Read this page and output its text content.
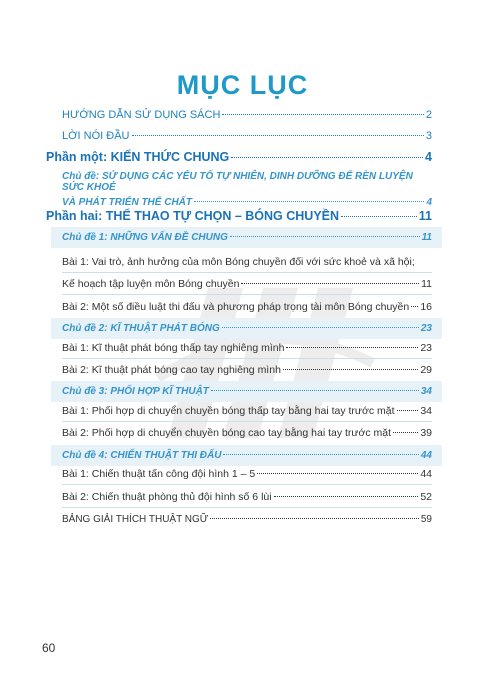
MỤC LỤC
HƯỚNG DẪN SỬ DỤNG SÁCH	2
LỜI NÓI ĐẦU	3
Phần một: KIẾN THỨC CHUNG	4
Chủ đề: SỬ DỤNG CÁC YẾU TỐ TỰ NHIÊN, DINH DƯỠNG ĐỂ RÈN LUYỆN SỨC KHOẺ
VÀ PHÁT TRIỂN THỂ CHẤT	4
Phần hai: THỂ THAO TỰ CHỌN – BÓNG CHUYỀN	11
Chủ đề 1: NHỮNG VẤN ĐỀ CHUNG	11
Bài 1: Vai trò, ảnh hưởng của môn Bóng chuyền đối với sức khoẻ và xã hội;
Kế hoạch tập luyện môn Bóng chuyền	11
Bài 2: Một số điều luật thi đấu và phương pháp trọng tài môn Bóng chuyền 16
Chủ đề 2: KĨ THUẬT PHÁT BÓNG	23
Bài 1: Kĩ thuật phát bóng thấp tay nghiêng mình	23
Bài 2: Kĩ thuật phát bóng cao tay nghiêng mình	29
Chủ đề 3: PHỐI HỢP KĨ THUẬT	34
Bài 1: Phối hợp di chuyển chuyền bóng thấp tay bằng hai tay trước mặt 34
Bài 2: Phối hợp di chuyển chuyền bóng cao tay bằng hai tay trước mặt	39
Chủ đề 4: CHIẾN THUẬT THI ĐẤU	44
Bài 1: Chiến thuật tấn công đội hình 1 – 5	44
Bài 2: Chiến thuật phòng thủ đội hình số 6 lùi	52
BẢNG GIẢI THÍCH THUẬT NGỮ	59
60
